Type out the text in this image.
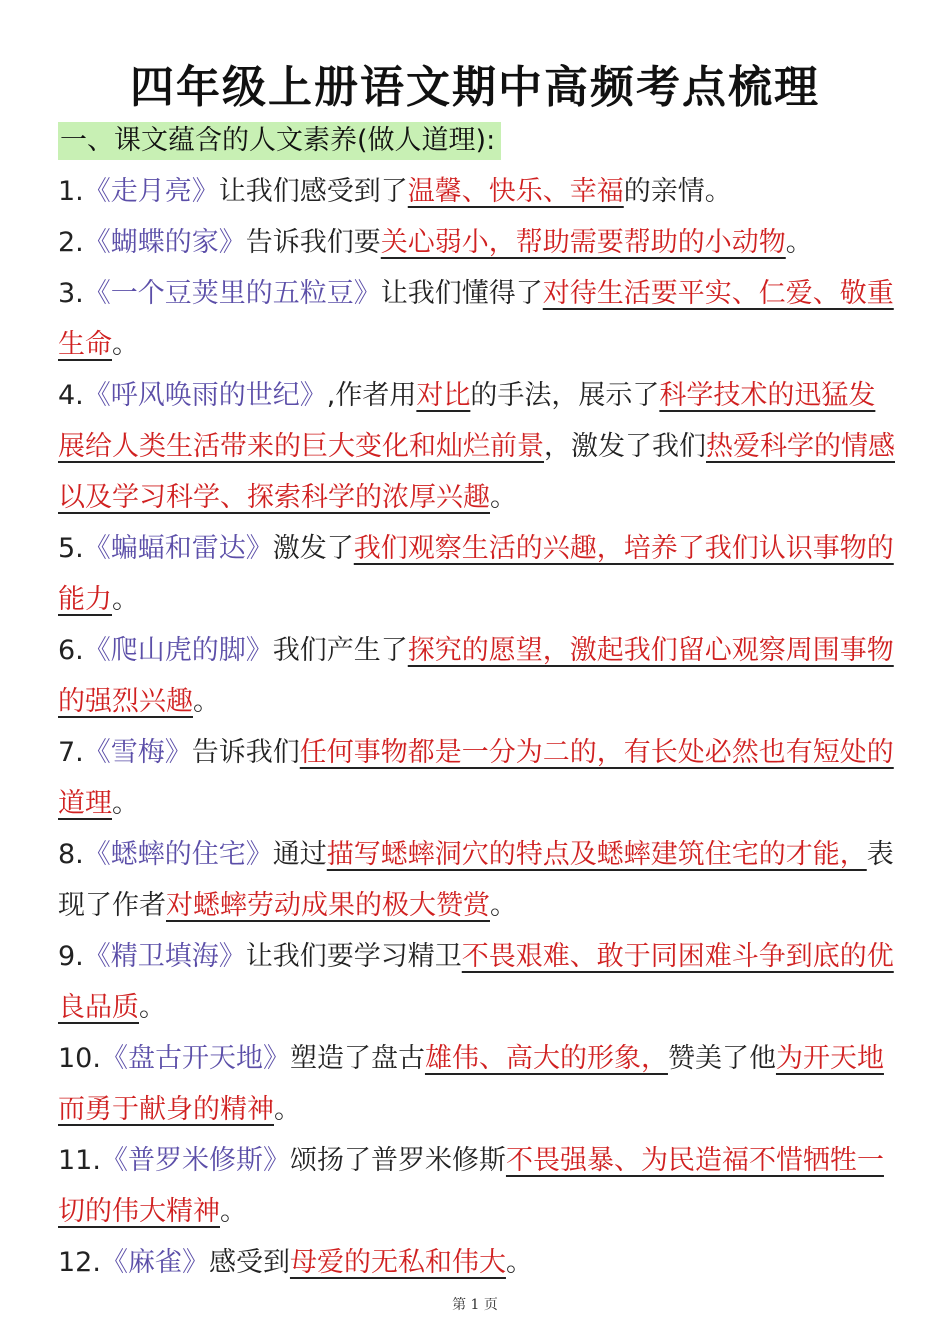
四年级上册语文期中高频考点梳理
一、课文蕴含的人文素养(做人道理):

1.《走月亮》让我们感受到了温馨、快乐、幸福的亲情。

2.《蝴蝶的家》告诉我们要关心弱小，帮助需要帮助的小动物。

3.《一个豆荚里的五粒豆》让我们懂得了对待生活要平实、仁爱、敬重生命。

4.《呼风唤雨的世纪》,作者用对比的手法，展示了科学技术的迅猛发展给人类生活带来的巨大变化和灿烂前景，激发了我们热爱科学的情感以及学习科学、探索科学的浓厚兴趣。

5.《蝙蝠和雷达》激发了我们观察生活的兴趣，培养了我们认识事物的能力。

6.《爬山虎的脚》我们产生了探究的愿望，激起我们留心观察周围事物的强烈兴趣。

7.《雪梅》告诉我们任何事物都是一分为二的，有长处必然也有短处的道理。

8.《蟋蟀的住宅》通过描写蟋蟀洞穴的特点及蟋蟀建筑住宅的才能，表现了作者对蟋蟀劳动成果的极大赞赏。

9.《精卫填海》让我们要学习精卫不畏艰难、敢于同困难斗争到底的优良品质。

10.《盘古开天地》塑造了盘古雄伟、高大的形象，赞美了他为开天地而勇于献身的精神。

11.《普罗米修斯》颂扬了普罗米修斯不畏强暴、为民造福不惜牺牲一切的伟大精神。

12.《麻雀》感受到母爱的无私和伟大。

第 1 页
